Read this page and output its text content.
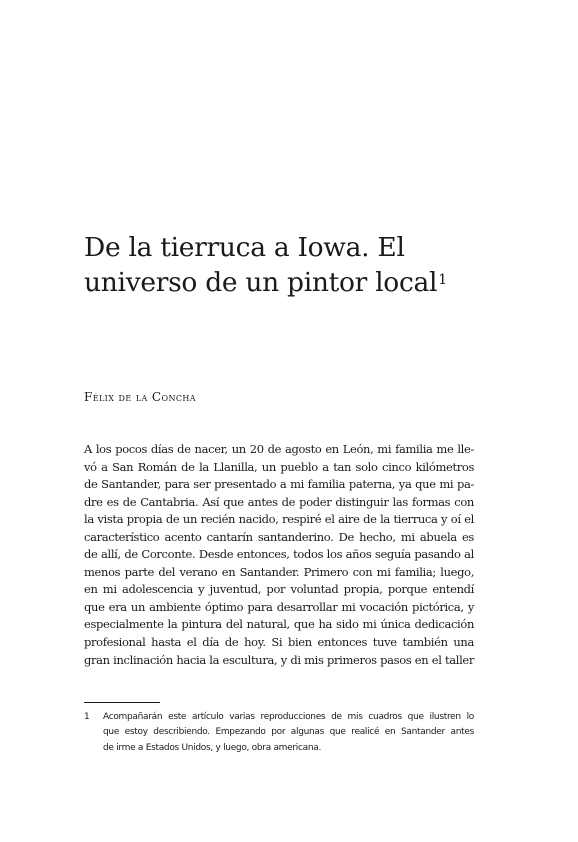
De la tierruca a Iowa. El
universo de un pintor local$^1$

Félix de la Concha

A los pocos días de nacer, un 20 de agosto en León, mi familia me lle-
vó a San Román de la Llanilla, un pueblo a tan solo cinco kilómetros
de Santander, para ser presentado a mi familia paterna, ya que mi pa-
dre es de Cantabria. Así que antes de poder distinguir las formas con
la vista propia de un recién nacido, respiré el aire de la tierruca y oí el
característico acento cantarín santanderino. De hecho, mi abuela es
de allí, de Corconte. Desde entonces, todos los años seguía pasando al
menos parte del verano en Santander. Primero con mi familia; luego,
en mi adolescencia y juventud, por voluntad propia, porque entendí
que era un ambiente óptimo para desarrollar mi vocación pictórica, y
especialmente la pintura del natural, que ha sido mi única dedicación
profesional hasta el día de hoy. Si bien entonces tuve también una
gran inclinación hacia la escultura, y di mis primeros pasos en el taller

1 Acompañarán este artículo varias reproducciones de mis cuadros que ilustren lo
que estoy describiendo. Empezando por algunas que realicé en Santander antes
de irme a Estados Unidos, y luego, obra americana.
